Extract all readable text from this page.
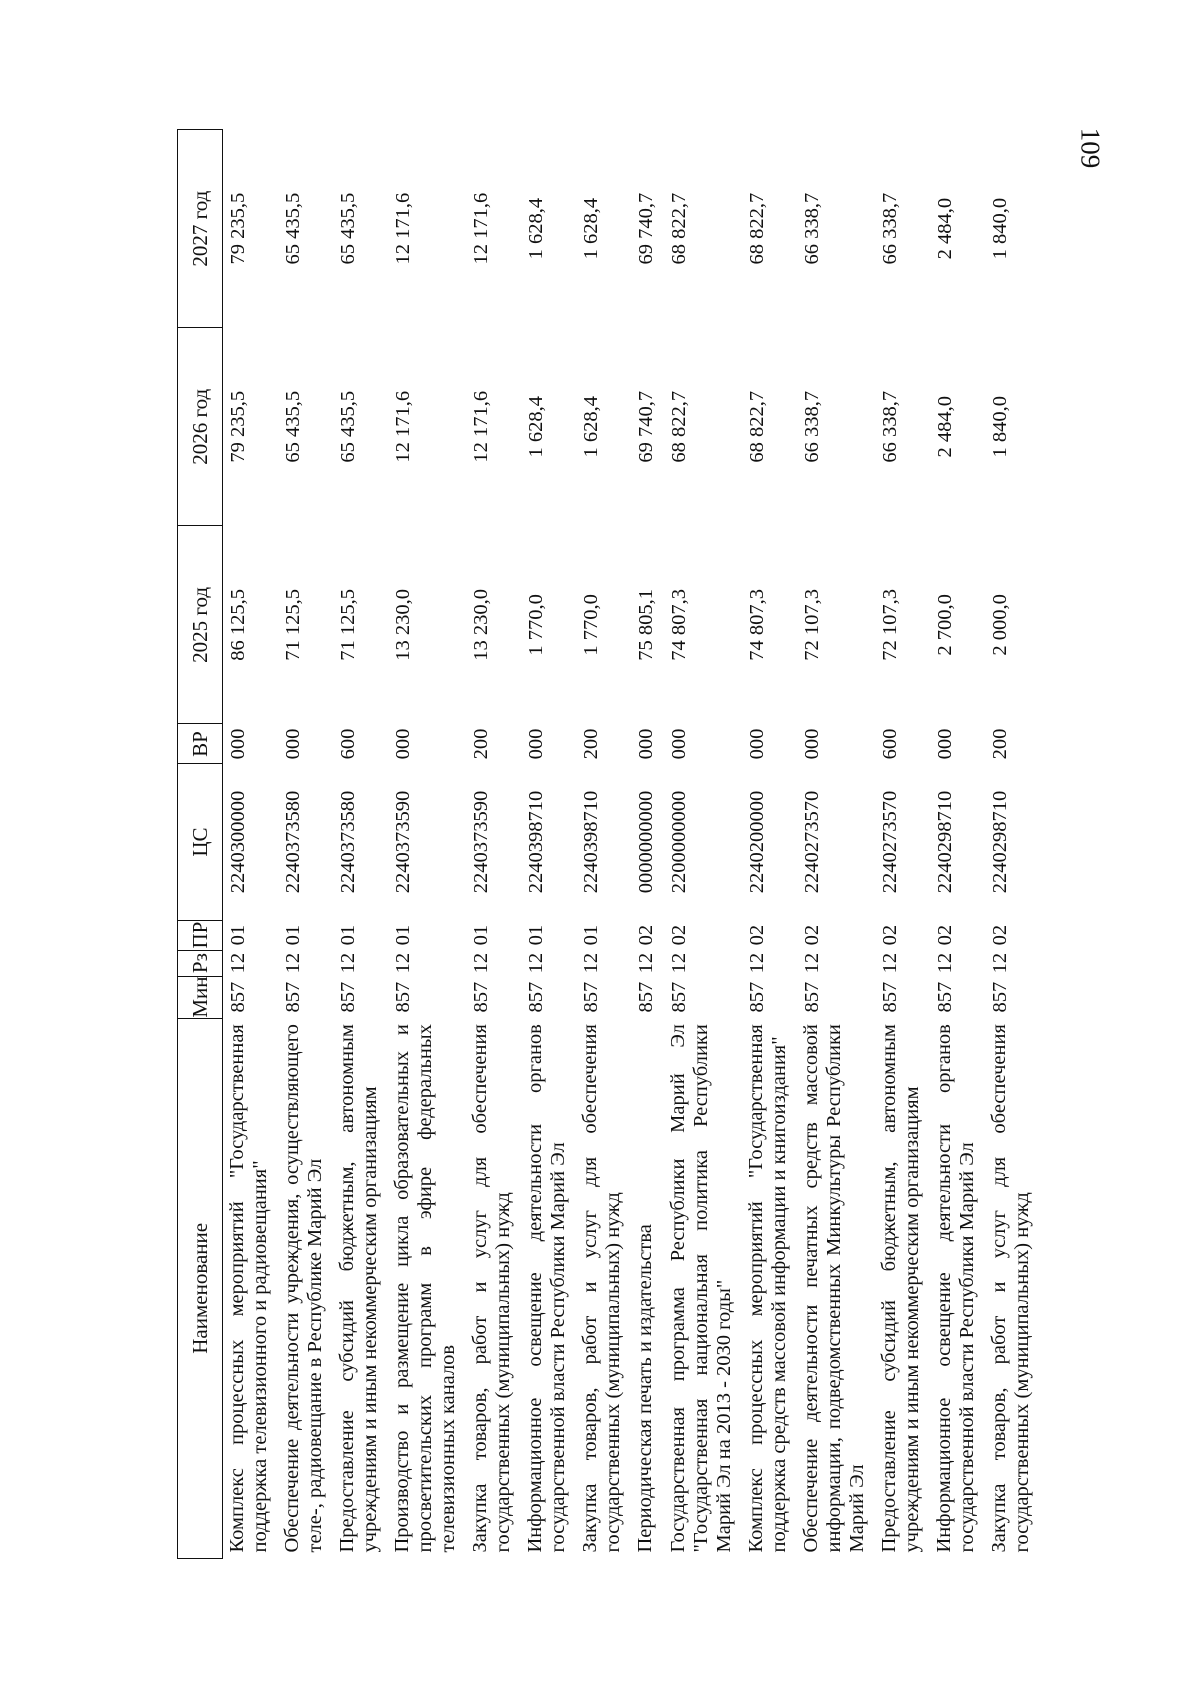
109
Наименование	Мин	Рз	ПР	ЦС	ВР	2025 год	2026 год	2027 год
Комплекс процессных мероприятий "Государственная поддержка телевизионного и радиовещания"	857	12	01	2240300000	000	86 125,5	79 235,5	79 235,5
Обеспечение деятельности учреждения, осуществляющего теле-, радиовещание в Республике Марий Эл	857	12	01	2240373580	000	71 125,5	65 435,5	65 435,5
Предоставление субсидий бюджетным, автономным учреждениям и иным некоммерческим организациям	857	12	01	2240373580	600	71 125,5	65 435,5	65 435,5
Производство и размещение цикла образовательных и просветительских программ в эфире федеральных телевизионных каналов	857	12	01	2240373590	000	13 230,0	12 171,6	12 171,6
Закупка товаров, работ и услуг для обеспечения государственных (муниципальных) нужд	857	12	01	2240373590	200	13 230,0	12 171,6	12 171,6
Информационное освещение деятельности органов государственной власти Республики Марий Эл	857	12	01	2240398710	000	1 770,0	1 628,4	1 628,4
Закупка товаров, работ и услуг для обеспечения государственных (муниципальных) нужд	857	12	01	2240398710	200	1 770,0	1 628,4	1 628,4
Периодическая печать и издательства	857	12	02	0000000000	000	75 805,1	69 740,7	69 740,7
Государственная программа Республики Марий Эл "Государственная национальная политика Республики Марий Эл на 2013 - 2030 годы"	857	12	02	2200000000	000	74 807,3	68 822,7	68 822,7
Комплекс процессных мероприятий "Государственная поддержка средств массовой информации и книгоиздания"	857	12	02	2240200000	000	74 807,3	68 822,7	68 822,7
Обеспечение деятельности печатных средств массовой информации, подведомственных Минкультуры Республики Марий Эл	857	12	02	2240273570	000	72 107,3	66 338,7	66 338,7
Предоставление субсидий бюджетным, автономным учреждениям и иным некоммерческим организациям	857	12	02	2240273570	600	72 107,3	66 338,7	66 338,7
Информационное освещение деятельности органов государственной власти Республики Марий Эл	857	12	02	2240298710	000	2 700,0	2 484,0	2 484,0
Закупка товаров, работ и услуг для обеспечения государственных (муниципальных) нужд	857	12	02	2240298710	200	2 000,0	1 840,0	1 840,0
